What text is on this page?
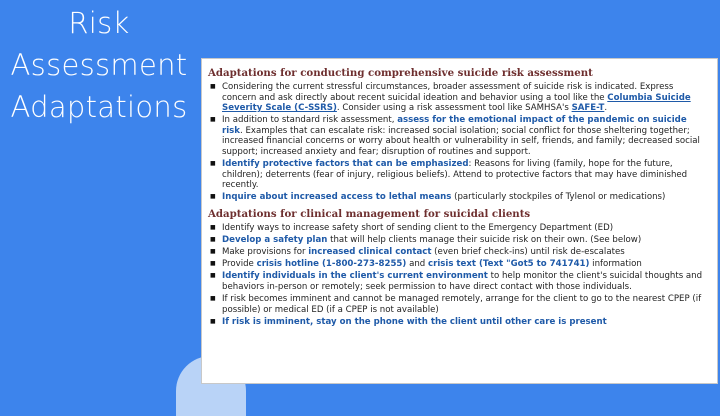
Risk Assessment Adaptations
Adaptations for conducting comprehensive suicide risk assessment
■ Considering the current stressful circumstances, broader assessment of suicide risk is indicated. Express concern and ask directly about recent suicidal ideation and behavior using a tool like the Columbia Suicide Severity Scale (C-SSRS). Consider using a risk assessment tool like SAMHSA's SAFE-T.
■ In addition to standard risk assessment, assess for the emotional impact of the pandemic on suicide risk. Examples that can escalate risk: increased social isolation; social conflict for those sheltering together; increased financial concerns or worry about health or vulnerability in self, friends, and family; decreased social support; increased anxiety and fear; disruption of routines and support.
■ Identify protective factors that can be emphasized: Reasons for living (family, hope for the future, children); deterrents (fear of injury, religious beliefs). Attend to protective factors that may have diminished recently.
■ Inquire about increased access to lethal means (particularly stockpiles of Tylenol or medications)
Adaptations for clinical management for suicidal clients
■ Identify ways to increase safety short of sending client to the Emergency Department (ED)
■ Develop a safety plan that will help clients manage their suicide risk on their own. (See below)
■ Make provisions for increased clinical contact (even brief check-ins) until risk de-escalates
■ Provide crisis hotline (1-800-273-8255) and crisis text (Text "Got5 to 741741) information
■ Identify individuals in the client's current environment to help monitor the client's suicidal thoughts and behaviors in-person or remotely; seek permission to have direct contact with those individuals.
■ If risk becomes imminent and cannot be managed remotely, arrange for the client to go to the nearest CPEP (if possible) or medical ED (if a CPEP is not available)
■ If risk is imminent, stay on the phone with the client until other care is present
